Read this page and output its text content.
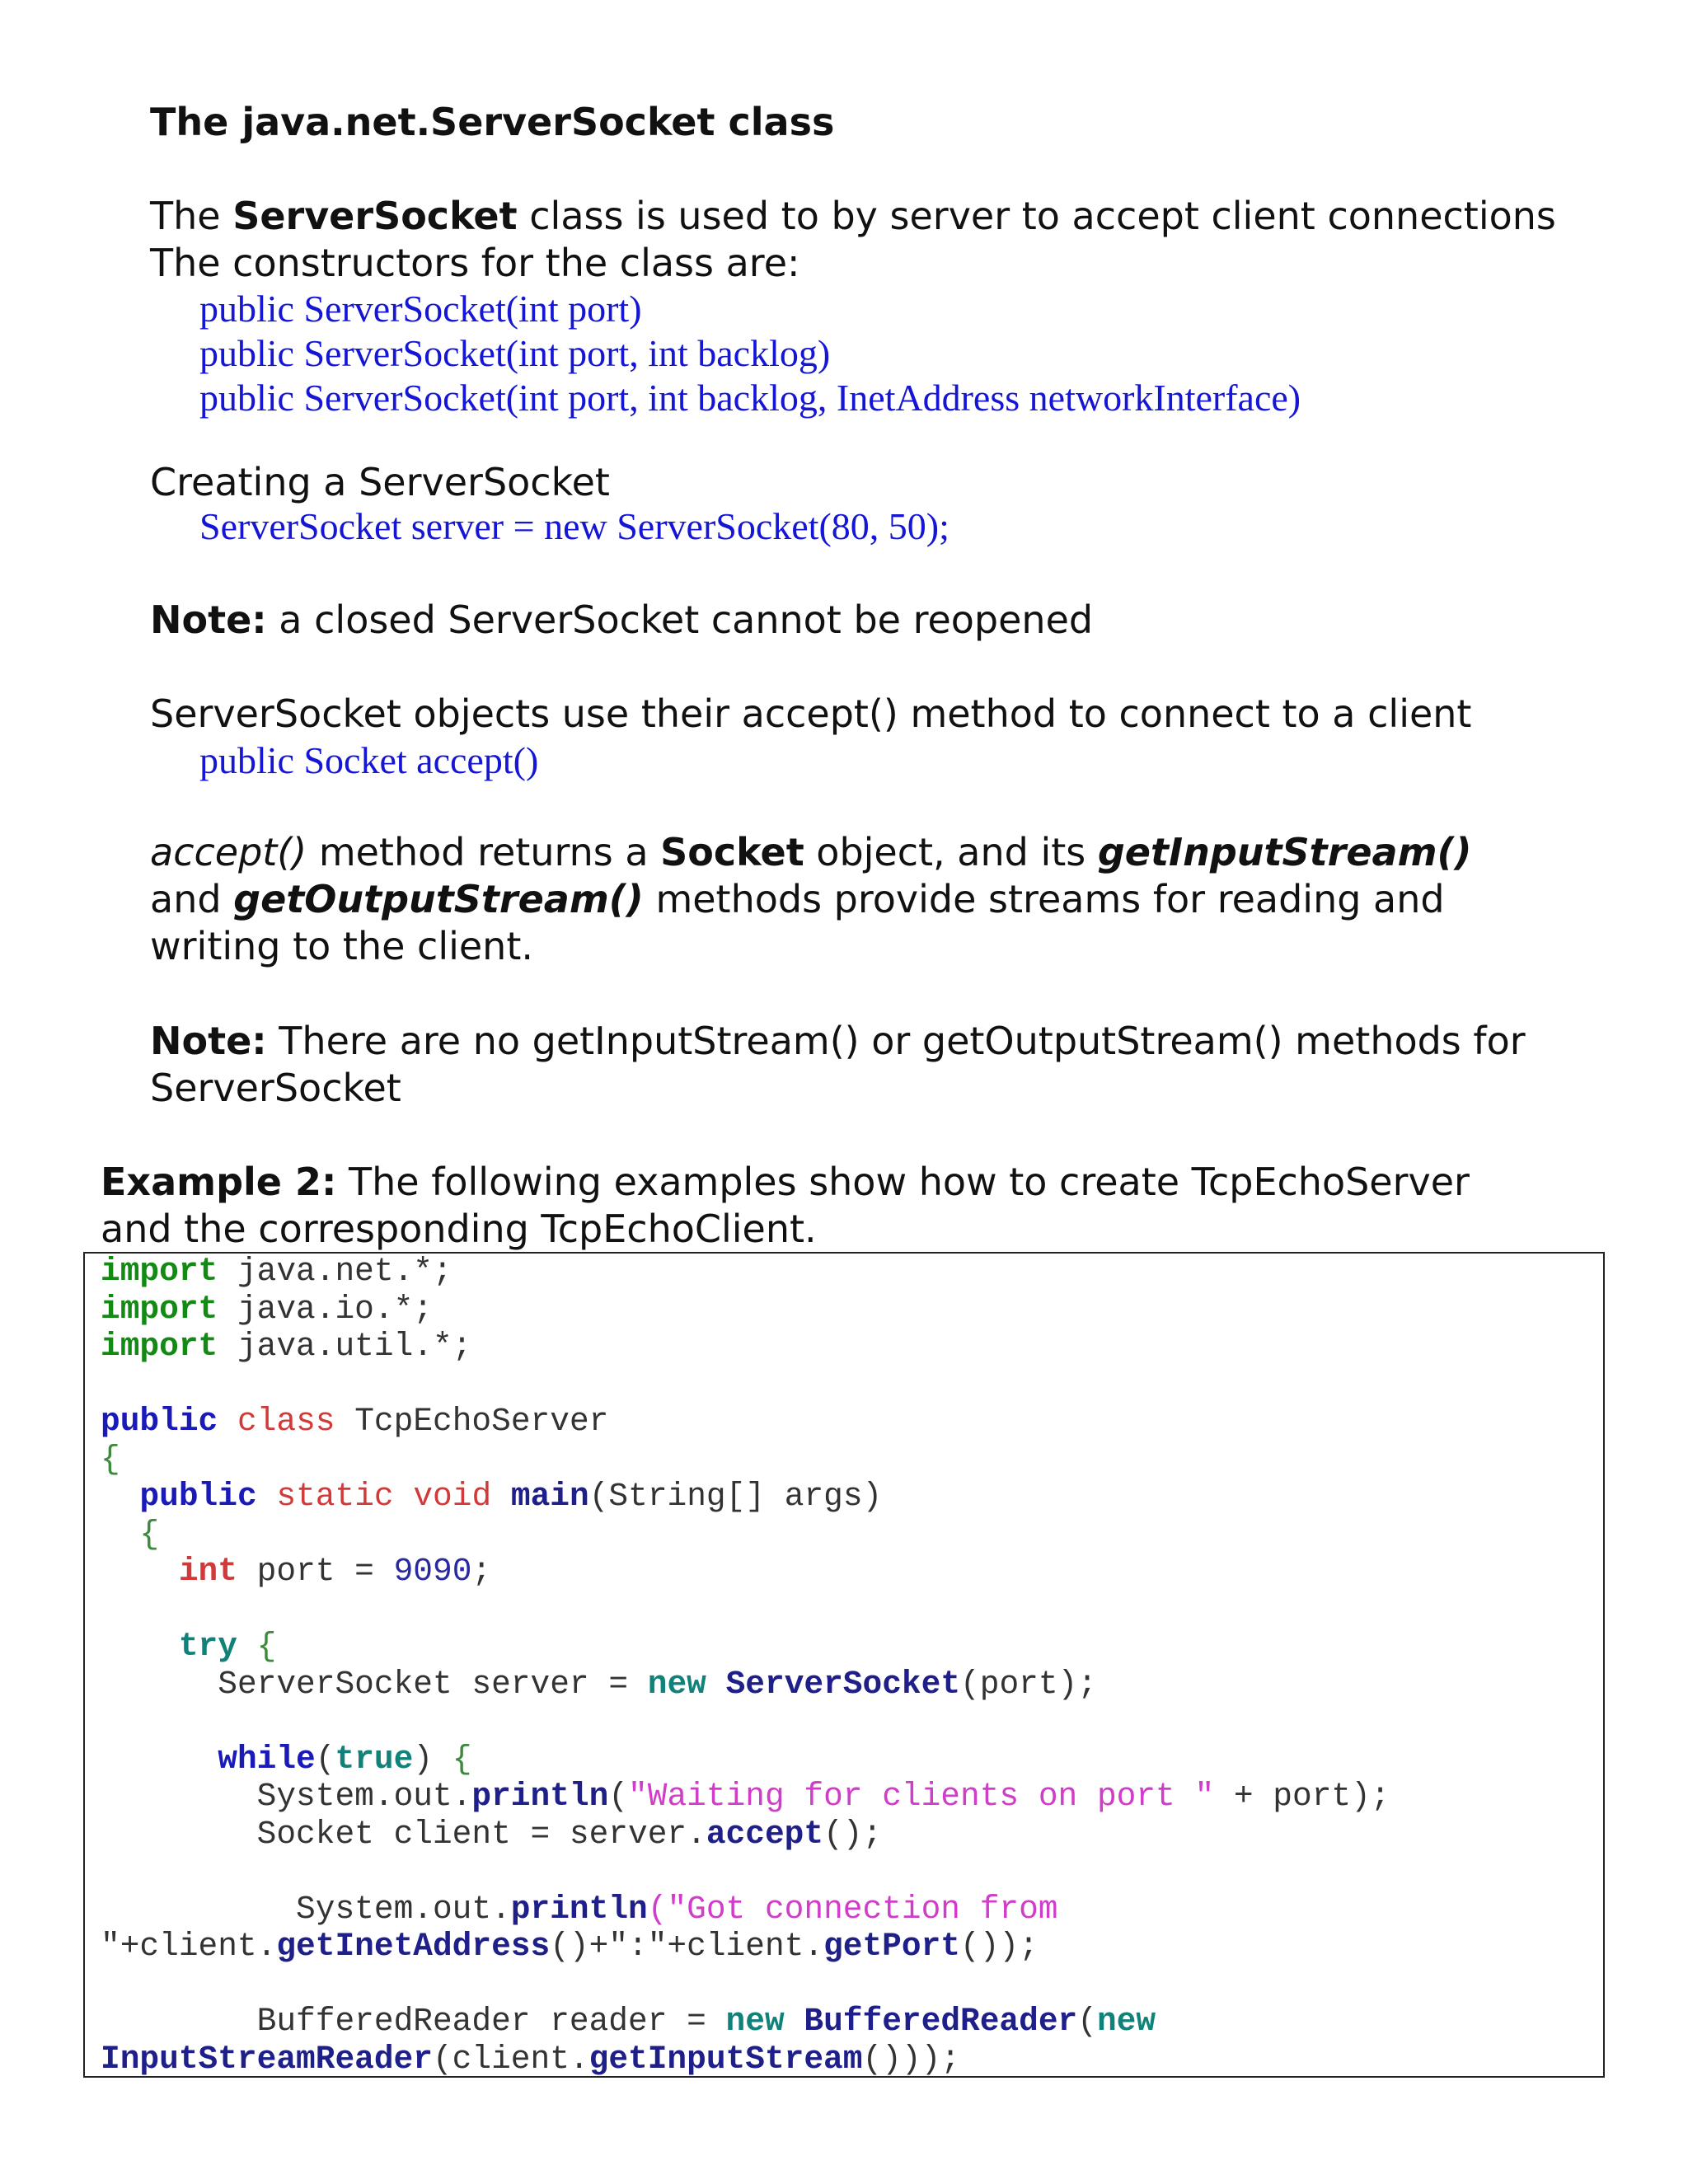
The java.net.ServerSocket class
The ServerSocket class is used to by server to accept client connections
The constructors for the class are:
public ServerSocket(int port)
public ServerSocket(int port, int backlog)
public ServerSocket(int port, int backlog, InetAddress networkInterface)
Creating a ServerSocket
ServerSocket server = new ServerSocket(80, 50);
Note: a closed ServerSocket cannot be reopened
ServerSocket objects use their accept() method to connect to a client
public Socket accept()
accept() method returns a Socket object, and its getInputStream()
and getOutputStream() methods provide streams for reading and
writing to the client.
Note: There are no getInputStream() or getOutputStream() methods for
ServerSocket
Example 2: The following examples show how to create TcpEchoServer
and the corresponding TcpEchoClient.
import java.net.*;
import java.io.*;
import java.util.*;

public class TcpEchoServer
{
public static void main(String[] args)
{
int port = 9090;

try {
ServerSocket server = new ServerSocket(port);

while(true) {
System.out.println("Waiting for clients on port " + port);
Socket client = server.accept();

System.out.println("Got connection from
"+client.getInetAddress()+":"+client.getPort());

BufferedReader reader = new BufferedReader(new
InputStreamReader(client.getInputStream()));
